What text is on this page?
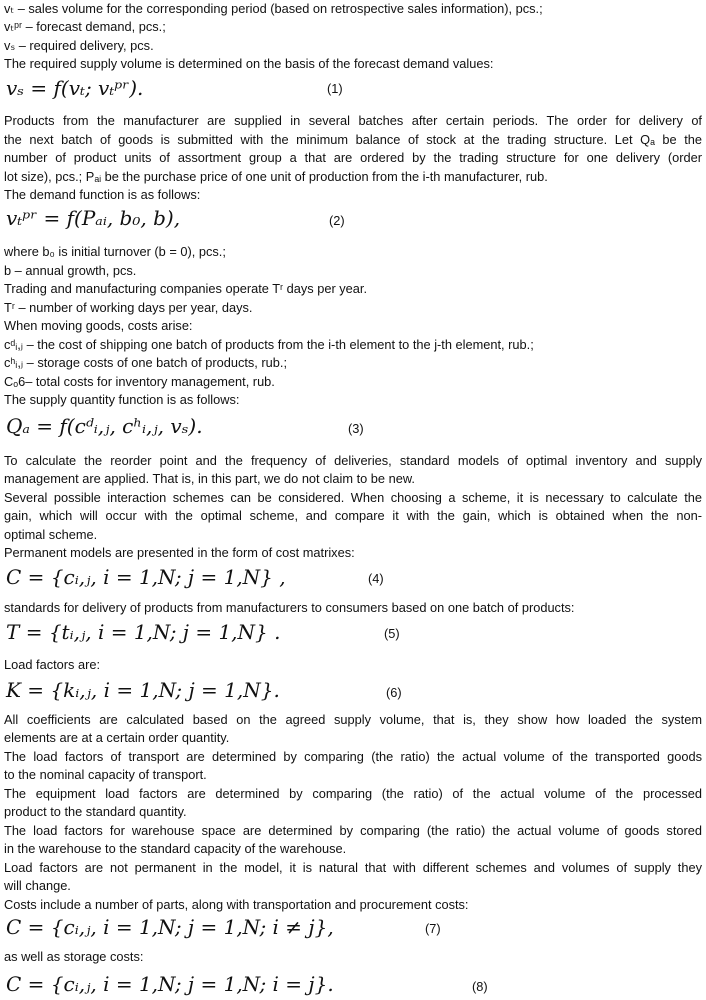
vₜ – sales volume for the corresponding period (based on retrospective sales information), pcs.;
vₜᵖʳ – forecast demand, pcs.;
vₛ – required delivery, pcs.
The required supply volume is determined on the basis of the forecast demand values:
vₛ = f(vₜ; vₜᵖʳ).	(1)
Products from the manufacturer are supplied in several batches after certain periods. The order for delivery of
the next batch of goods is submitted with the minimum balance of stock at the trading structure. Let Qₐ be the
number of product units of assortment group a that are ordered by the trading structure for one delivery (order
lot size), pcs.; Pₐᵢ be the purchase price of one unit of production from the i-th manufacturer, rub.
The demand function is as follows:
vₜᵖʳ = f(Pₐᵢ, b₀, b),	(2)
where b₀ is initial turnover (b = 0), pcs.;
b – annual growth, pcs.
Trading and manufacturing companies operate Tʳ days per year.
Tʳ – number of working days per year, days.
When moving goods, costs arise:
cᵈᵢ,ⱼ – the cost of shipping one batch of products from the i-th element to the j-th element, rub.;
cʰᵢ,ⱼ – storage costs of one batch of products, rub.;
Cₒ6– total costs for inventory management, rub.
The supply quantity function is as follows:
Qₐ = f(cᵈᵢ,ⱼ, cʰᵢ,ⱼ, vₛ).	(3)
To calculate the reorder point and the frequency of deliveries, standard models of optimal inventory and supply
management are applied. That is, in this part, we do not claim to be new.
Several possible interaction schemes can be considered. When choosing a scheme, it is necessary to calculate the
gain, which will occur with the optimal scheme, and compare it with the gain, which is obtained when the non-
optimal scheme.
Permanent models are presented in the form of cost matrixes:
C = {cᵢ,ⱼ, i = 1,N; j = 1,N} ,	(4)
standards for delivery of products from manufacturers to consumers based on one batch of products:
T = {tᵢ,ⱼ, i = 1,N; j = 1,N} .	(5)
Load factors are:
K = {kᵢ,ⱼ, i = 1,N; j = 1,N}.	(6)
All coefficients are calculated based on the agreed supply volume, that is, they show how loaded the system
elements are at a certain order quantity.
The load factors of transport are determined by comparing (the ratio) the actual volume of the transported goods
to the nominal capacity of transport.
The equipment load factors are determined by comparing (the ratio) of the actual volume of the processed
product to the standard quantity.
The load factors for warehouse space are determined by comparing (the ratio) the actual volume of goods stored
in the warehouse to the standard capacity of the warehouse.
Load factors are not permanent in the model, it is natural that with different schemes and volumes of supply they
will change.
Costs include a number of parts, along with transportation and procurement costs:
C = {cᵢ,ⱼ, i = 1,N; j = 1,N; i ≠ j},	(7)
as well as storage costs:
C = {cᵢ,ⱼ, i = 1,N; j = 1,N; i = j}.	(8)
